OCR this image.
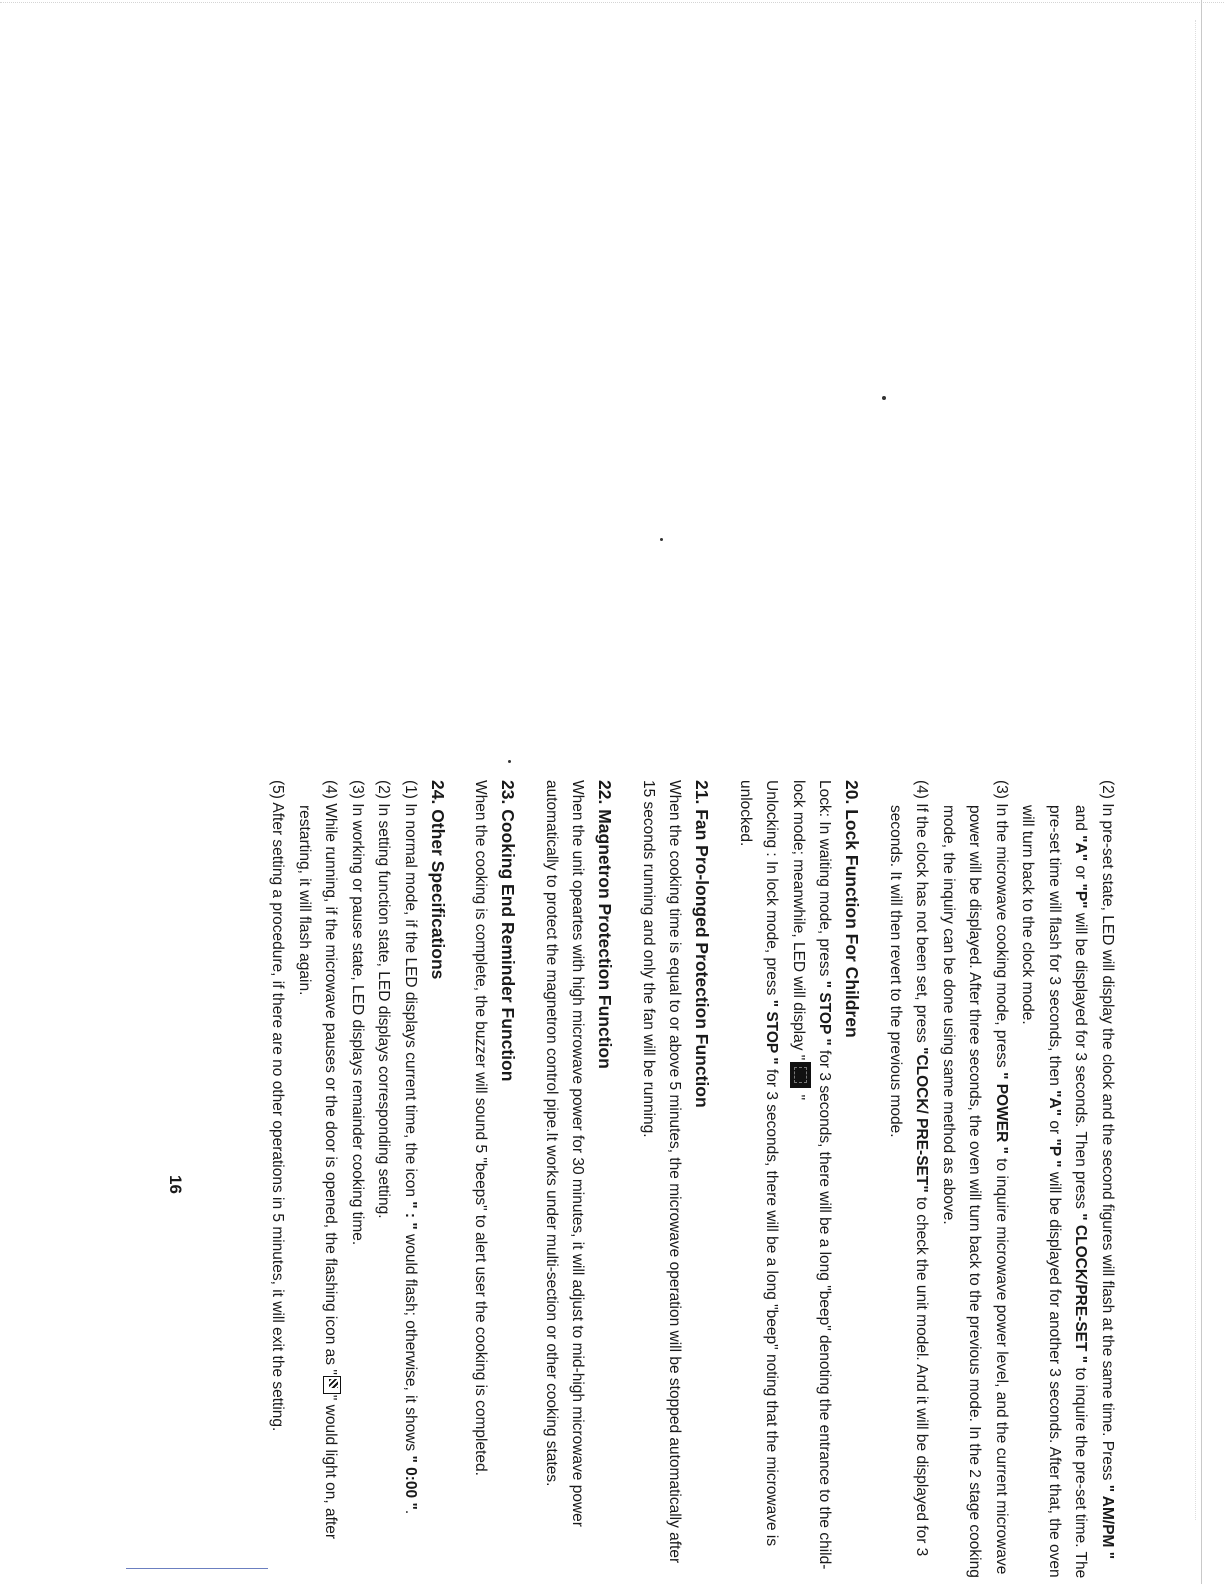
(2) In pre-set state, LED will display the clock and the second figures will flash at the same time. Press " AM/PM " and "A" or "P" will be displayed for 3 seconds. Then press " CLOCK/PRE-SET " to inquire the pre-set time. The pre-set time will flash for 3 seconds, then "A" or "P " will be displayed for another 3 seconds. After that, the oven will turn back to the clock mode.

(3) In the microwave cooking mode, press " POWER " to inquire microwave power level, and the current microwave power will be displayed. After three seconds, the oven will turn back to the previous mode. In the 2 stage cooking mode, the inquiry can be done using same method as above.

(4) If the clock has not been set, press "CLOCK/ PRE-SET" to check the unit model. And it will be displayed for 3 seconds. It will then revert to the previous mode.

20. Lock Function For Children

Lock: In waiting mode, press " STOP " for 3 seconds, there will be a long "beep" denoting the entrance to the child-lock mode; meanwhile, LED will display " "

Unlocking : In lock mode, press " STOP " for 3 seconds, there will be a long "beep" noting that the microwave is unlocked.

21. Fan Pro-longed Protection Function

When the cooking time is equal to or above 5 minutes, the microwave operation will be stopped automatically after 15 seconds running and only the fan will be running.

22. Magnetron Protection Function

When the unit opeartes with high microwave power for 30 minutes, it will adjust to mid-high microwave power automatically to protect the magnetron control pipe.It works under multi-section or other cooking states.

23. Cooking End Reminder Function

When the cooking is complete, the buzzer will sound 5 "beeps" to alert user the cooking is completed.

24. Other Specifications

(1) In normal mode, if the LED displays current time, the icon " : " would flash; otherwise, it shows " 0:00 ".

(2) In setting function state, LED displays corresponding setting.

(3) In working or pause state, LED displays remainder cooking time.

(4) While running, if the microwave pauses or the door is opened, the flashing icon as "" would light on, after restarting, it will flash again.

(5) After setting a procedure, if there are no other operations in 5 minutes, it will exit the setting.

16
